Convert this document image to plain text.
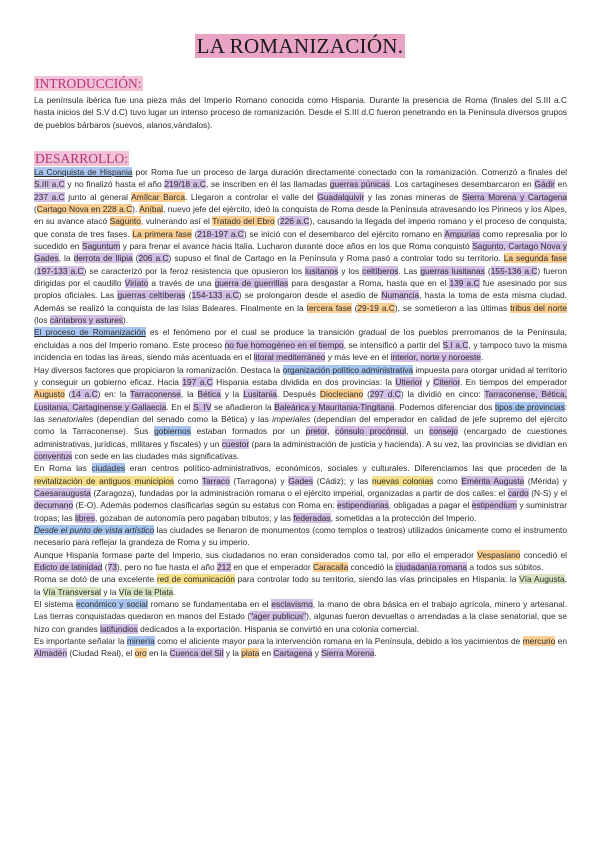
LA ROMANIZACIÓN.
INTRODUCCIÓN:

La península ibérica fue una pieza más del Imperio Romano conocida como Hispania. Durante la presencia de Roma (finales del S.III a.C hasta inicios del S.V d.C) tuvo lugar un intenso proceso de romanización. Desde el S.III d.C fueron penetrando en la Península diversos grupos de pueblos bárbaros (suevos, alanos,vándalos).

DESARROLLO:

La Conquista de Hispania por Roma fue un proceso de larga duración directamente conectado con la romanización. Comenzó a finales del S.III a.C y no finalizó hasta el año 219/18 a.C, se inscriben en él las llamadas guerras púnicas. Los cartagineses desembarcaron en Gádir en 237 a.C junto al general Amílcar Barca. Llegaron a controlar el valle del Guadalquivir y las zonas mineras de Sierra Morena y Cartagena (Cartago Nova en 228 a.C). Aníbal, nuevo jefe del ejército, ideó la conquista de Roma desde la Península atravesando los Pirineos y los Alpes, en su avance atacó Sagunto, vulnerando así el Tratado del Ebro (226 a.C), causando la llegada del imperio romano y el proceso de conquista, que consta de tres fases. La primera fase (218-197 a.C) se inició con el desembarco del ejército romano en Ampurias como represalia por lo sucedido en Saguntum y para frenar el avance hacia Italia. Lucharon durante doce años en los que Roma conquistó Sagunto, Cartago Nova y Gades, la derrota de Ilipia (206 a.C) supuso el final de Cartago en la Península y Roma pasó a controlar todo su territorio. La segunda fase (197-133 a.C) se caracterizó por la feroz resistencia que opusieron los lusitanos y los celtíberos. Las guerras lusitanas (155-136 a.C) fueron dirigidas por el caudillo Viriato a través de una guerra de guerrillas para desgastar a Roma, hasta que en el 139 a.C fue asesinado por sus propios oficiales. Las guerras celtíberas (154-133 a.C) se prolongaron desde el asedio de Numancia, hasta la toma de esta misma ciudad. Además se realizó la conquista de las Islas Baleares. Finalmente en la tercera fase (29-19 a.C), se sometieron a las últimas tribus del norte (los cántabros y astures).

El proceso de Romanización es el fenómeno por el cual se produce la transición gradual de los pueblos prerromanos de la Península, encluidas a nos del Imperio romano. Este proceso no fue homogéneo en el tiempo, se intensificó a partir del S.I a.C, y tampoco tuvo la misma incidencia en todas las áreas, siendo más acentuada en el litoral mediterráneo y más leve en el interior, norte y noroeste.

Hay diversos factores que propiciaron la romanización. Destaca la organización político administrativa impuesta para otorgar unidad al territorio y conseguir un gobierno eficaz. Hacia 197 a.C Hispania estaba dividida en dos provincias: la Ulterior y Citerior. En tiempos del emperador Augusto (14 a.C) en: la Tarraconense, la Bética y la Lusitania. Después Diocleciano (297 d.C) la dividió en cinco: Tarraconense, Bética, Lusitania, Cartaginense y Gallaecia. En el S. IV se añadieron la Baleárica y Mauritania-Tingitana. Podemos diferenciar dos tipos de provincias: las senatoriales (dependían del senado como la Bética) y las imperiales (dependían del emperador en calidad de jefe supremo del ejército como la Tarraconense). Sus gobiernos estaban formados por un pretor, cónsulo procónsul, un consejo (encargado de cuestiones administrativas, jurídicas, militares y fiscales) y un cuestor (para la administración de justicia y hacienda). A su vez, las provincias se dividían en conventus con sede en las ciudades más significativas.

En Roma las ciudades eran centros político-administrativos, económicos, sociales y culturales. Diferenciamos las que proceden de la revitalización de antiguos municipios como Tarraco (Tarragona) y Gades (Cádiz); y las nuevas colonias como Emérita Augusta (Mérida) y Caesaraugusta (Zaragoza), fundadas por la administración romana o el ejército imperial, organizadas a partir de dos calles: el cardo (N-S) y el decumano (E-O). Además podemos clasificarlas según su estatus con Roma en: estipendiarias, obligadas a pagar el estipendium y suministrar tropas; las libres, gozaban de autonomía pero pagaban tributos; y las federadas, sometidas a la protección del Imperio.

Desde el punto de vista artístico las ciudades se llenaron de monumentos (como templos o teatros) utilizados únicamente como el instrumento necesario para reflejar la grandeza de Roma y su imperio.

Aunque Hispania formase parte del Imperio, sus ciudadanos no eran considerados como tal, por ello el emperador Vespasiano concedió el Edicto de latinidad (73), pero no fue hasta el año 212 en que el emperador Caracalla concedió la ciudadanía romana a todos sus súbitos.

Roma se dotó de una excelente red de comunicación para controlar todo su territorio, siendo las vías principales en Hispania: la Vía Augusta, la Vía Transversal y la Vía de la Plata.

El sistema económico y social romano se fundamentaba en el esclavismo, la mano de obra básica en el trabajo agrícola, minero y artesanal. Las tierras conquistadas quedaron en manos del Estado ("ager publicus"), algunas fueron devueltas o arrendadas a la clase senatorial, que se hizo con grandes latifundios dedicados a la exportación. Hispania se convirtió en una colonia comercial.

Es importante señalar la minería como el aliciente mayor para la intervención romana en la Península, debido a los yacimientos de mercurio en Almadén (Ciudad Real), el oro en la Cuenca del Sil y la plata en Cartagena y Sierra Morena.
